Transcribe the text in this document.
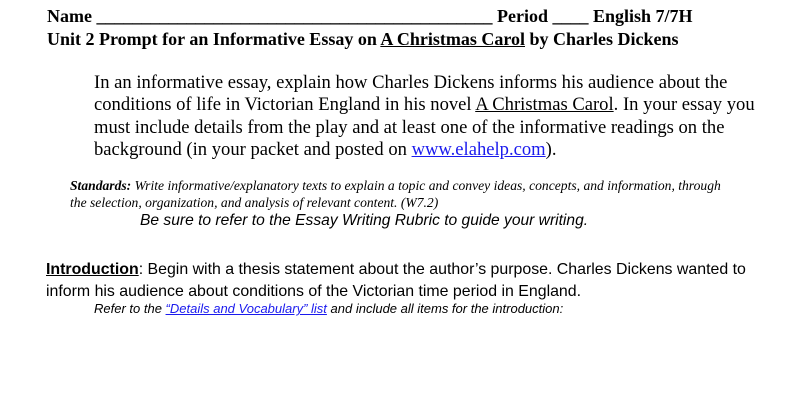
Name ____________________________________________ Period ____ English 7/7H
Unit 2 Prompt for an Informative Essay on A Christmas Carol by Charles Dickens
In an informative essay, explain how Charles Dickens informs his audience about the conditions of life in Victorian England in his novel A Christmas Carol. In your essay you must include details from the play and at least one of the informative readings on the background (in your packet and posted on www.elahelp.com).
Standards: Write informative/explanatory texts to explain a topic and convey ideas, concepts, and information, through the selection, organization, and analysis of relevant content. (W7.2)
Be sure to refer to the Essay Writing Rubric to guide your writing.
Introduction: Begin with a thesis statement about the author’s purpose. Charles Dickens wanted to inform his audience about conditions of the Victorian time period in England.
Refer to the “Details and Vocabulary” list and include all items for the introduction:
